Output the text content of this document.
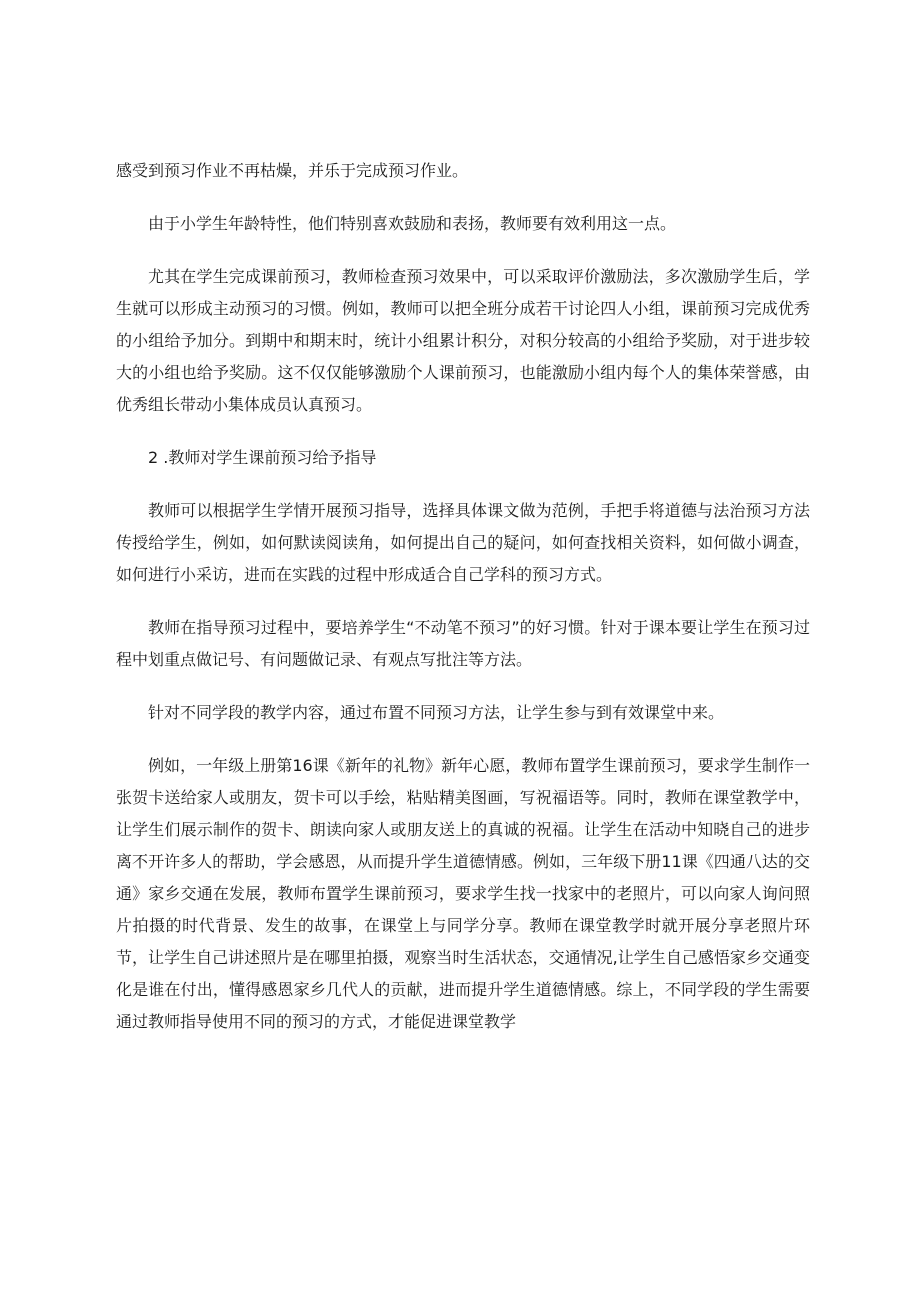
感受到预习作业不再枯燥，并乐于完成预习作业。

由于小学生年龄特性，他们特别喜欢鼓励和表扬，教师要有效利用这一点。

尤其在学生完成课前预习，教师检查预习效果中，可以采取评价激励法，多次激励学生后，学生就可以形成主动预习的习惯。例如，教师可以把全班分成若干讨论四人小组，课前预习完成优秀的小组给予加分。到期中和期末时，统计小组累计积分，对积分较高的小组给予奖励，对于进步较大的小组也给予奖励。这不仅仅能够激励个人课前预习，也能激励小组内每个人的集体荣誉感，由优秀组长带动小集体成员认真预习。

2 .教师对学生课前预习给予指导

教师可以根据学生学情开展预习指导，选择具体课文做为范例，手把手将道德与法治预习方法传授给学生，例如，如何默读阅读角，如何提出自己的疑问，如何查找相关资料，如何做小调查，如何进行小采访，进而在实践的过程中形成适合自己学科的预习方式。

教师在指导预习过程中，要培养学生“不动笔不预习”的好习惯。针对于课本要让学生在预习过程中划重点做记号、有问题做记录、有观点写批注等方法。

针对不同学段的教学内容，通过布置不同预习方法，让学生参与到有效课堂中来。

例如，一年级上册第16课《新年的礼物》新年心愿，教师布置学生课前预习，要求学生制作一张贺卡送给家人或朋友，贺卡可以手绘，粘贴精美图画，写祝福语等。同时，教师在课堂教学中，让学生们展示制作的贺卡、朗读向家人或朋友送上的真诚的祝福。让学生在活动中知晓自己的进步离不开许多人的帮助，学会感恩，从而提升学生道德情感。例如，三年级下册11课《四通八达的交通》家乡交通在发展，教师布置学生课前预习，要求学生找一找家中的老照片，可以向家人询问照片拍摄的时代背景、发生的故事，在课堂上与同学分享。教师在课堂教学时就开展分享老照片环节，让学生自己讲述照片是在哪里拍摄，观察当时生活状态，交通情况,让学生自己感悟家乡交通变化是谁在付出，懂得感恩家乡几代人的贡献，进而提升学生道德情感。综上，不同学段的学生需要通过教师指导使用不同的预习的方式，才能促进课堂教学
